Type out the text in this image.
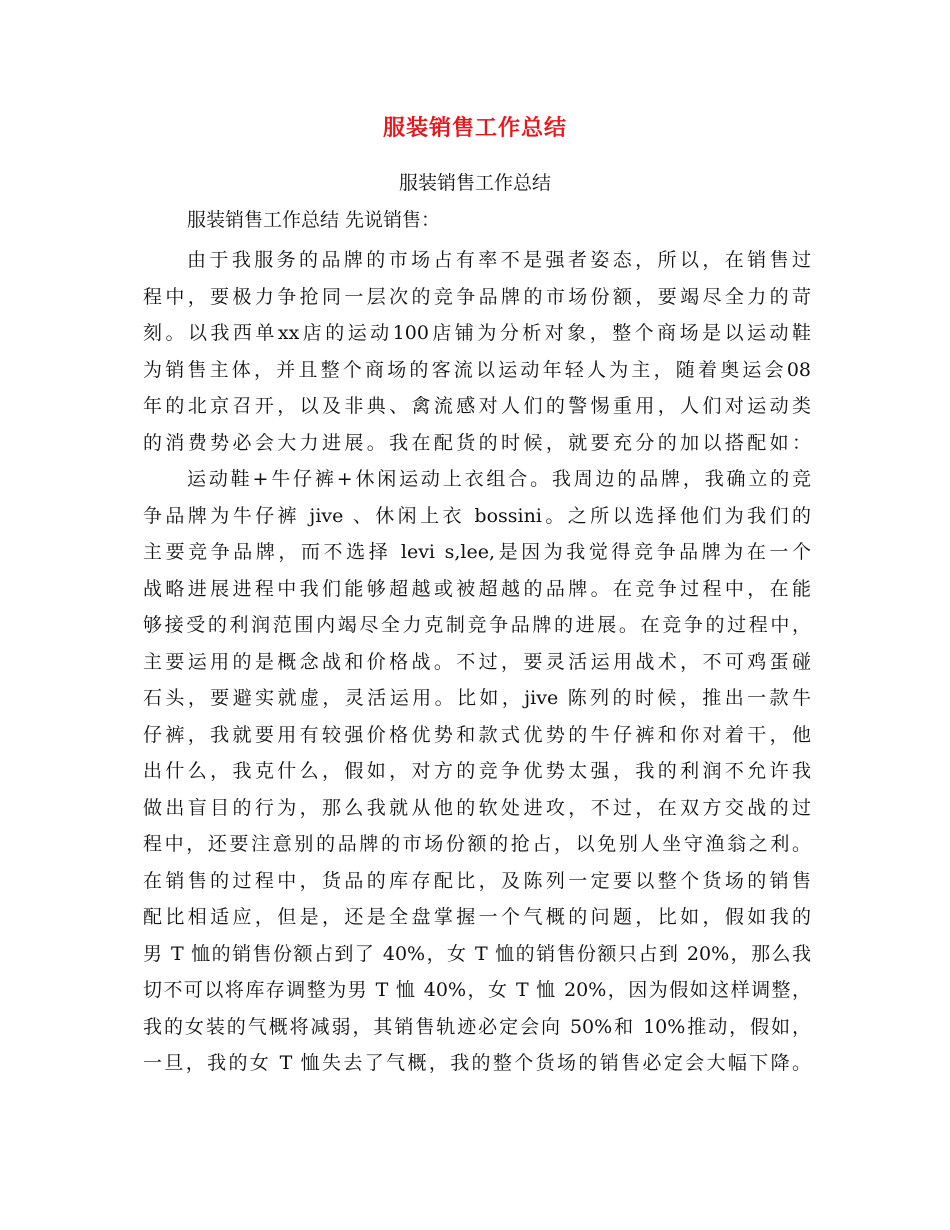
服装销售工作总结
服装销售工作总结
服装销售工作总结 先说销售：
由于我服务的品牌的市场占有率不是强者姿态，所以，在销售过
程中，要极力争抢同一层次的竞争品牌的市场份额，要竭尽全力的苛
刻。以我西单xx店的运动100店铺为分析对象，整个商场是以运动鞋
为销售主体，并且整个商场的客流以运动年轻人为主，随着奥运会08
年的北京召开，以及非典、禽流感对人们的警惕重用，人们对运动类
的消费势必会大力进展。我在配货的时候，就要充分的加以搭配如：
运动鞋+牛仔裤+休闲运动上衣组合。我周边的品牌，我确立的竞
争品牌为牛仔裤 jive 、休闲上衣 bossini。之所以选择他们为我们的
主要竞争品牌，而不选择 levi s,lee,是因为我觉得竞争品牌为在一个
战略进展进程中我们能够超越或被超越的品牌。在竞争过程中，在能
够接受的利润范围内竭尽全力克制竞争品牌的进展。在竞争的过程中，
主要运用的是概念战和价格战。不过，要灵活运用战术，不可鸡蛋碰
石头，要避实就虚，灵活运用。比如，jive 陈列的时候，推出一款牛
仔裤，我就要用有较强价格优势和款式优势的牛仔裤和你对着干，他
出什么，我克什么，假如，对方的竞争优势太强，我的利润不允许我
做出盲目的行为，那么我就从他的软处进攻，不过，在双方交战的过
程中，还要注意别的品牌的市场份额的抢占，以免别人坐守渔翁之利。
在销售的过程中，货品的库存配比，及陈列一定要以整个货场的销售
配比相适应，但是，还是全盘掌握一个气概的问题，比如，假如我的
男 T 恤的销售份额占到了 40%，女 T 恤的销售份额只占到 20%，那么我
切不可以将库存调整为男 T 恤 40%，女 T 恤 20%，因为假如这样调整，
我的女装的气概将减弱，其销售轨迹必定会向 50%和 10%推动，假如，
一旦，我的女 T 恤失去了气概，我的整个货场的销售必定会大幅下降。
